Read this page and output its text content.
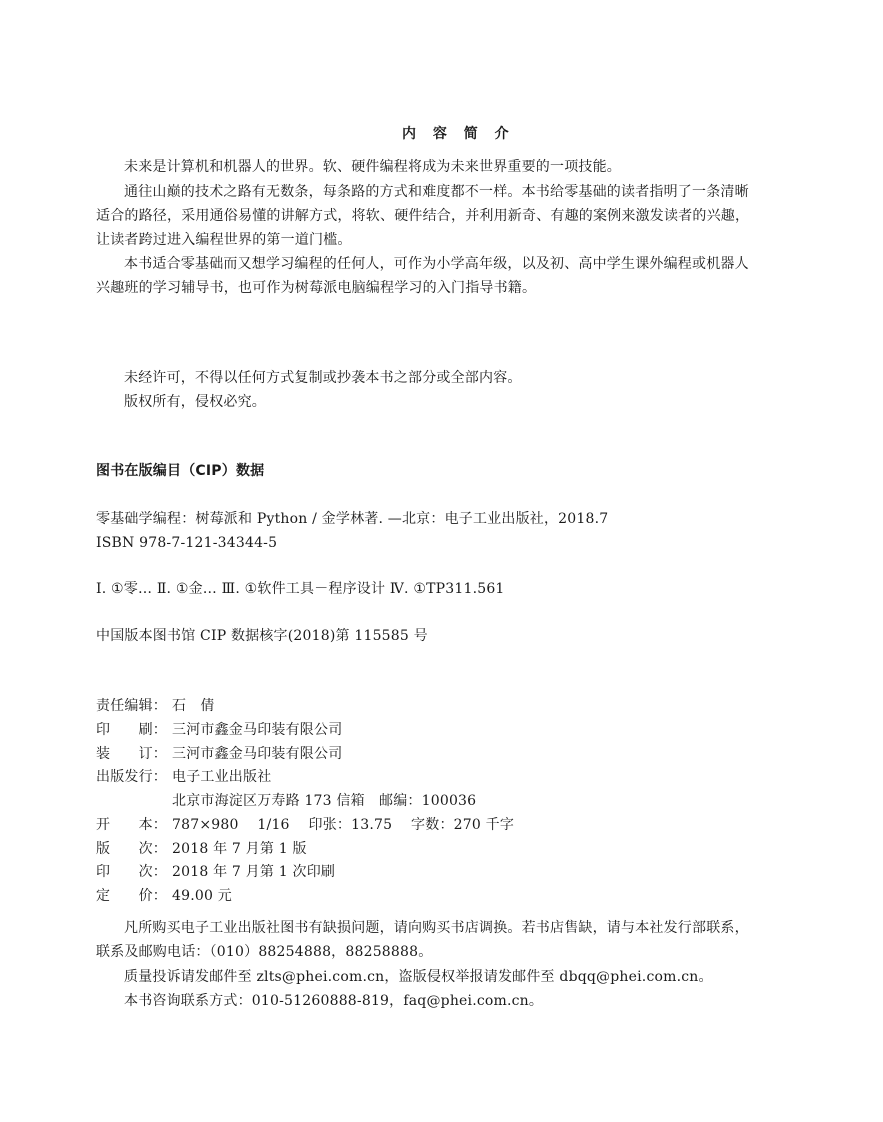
内 容 简 介
未来是计算机和机器人的世界。软、硬件编程将成为未来世界重要的一项技能。
通往山巅的技术之路有无数条，每条路的方式和难度都不一样。本书给零基础的读者指明了一条清晰
适合的路径，采用通俗易懂的讲解方式，将软、硬件结合，并利用新奇、有趣的案例来激发读者的兴趣，
让读者跨过进入编程世界的第一道门槛。
本书适合零基础而又想学习编程的任何人，可作为小学高年级，以及初、高中学生课外编程或机器人
兴趣班的学习辅导书，也可作为树莓派电脑编程学习的入门指导书籍。
未经许可，不得以任何方式复制或抄袭本书之部分或全部内容。
版权所有，侵权必究。
图书在版编目（CIP）数据
零基础学编程：树莓派和 Python / 金学林著. —北京：电子工业出版社，2018.7
ISBN 978-7-121-34344-5
Ⅰ. ①零… Ⅱ. ①金… Ⅲ. ①软件工具－程序设计 Ⅳ. ①TP311.561
中国版本图书馆 CIP 数据核字(2018)第 115585 号
责任编辑： 石　倩
印　　刷： 三河市鑫金马印装有限公司
装　　订： 三河市鑫金马印装有限公司
出版发行： 电子工业出版社
北京市海淀区万寿路 173 信箱　邮编：100036
开　　本： 787×980　 1/16　 印张：13.75　 字数：270 千字
版　　次： 2018 年 7 月第 1 版
印　　次： 2018 年 7 月第 1 次印刷
定　　价： 49.00 元
凡所购买电子工业出版社图书有缺损问题，请向购买书店调换。若书店售缺，请与本社发行部联系，
联系及邮购电话：（010）88254888，88258888。
质量投诉请发邮件至 zlts@phei.com.cn，盗版侵权举报请发邮件至 dbqq@phei.com.cn。
本书咨询联系方式：010-51260888-819，faq@phei.com.cn。
